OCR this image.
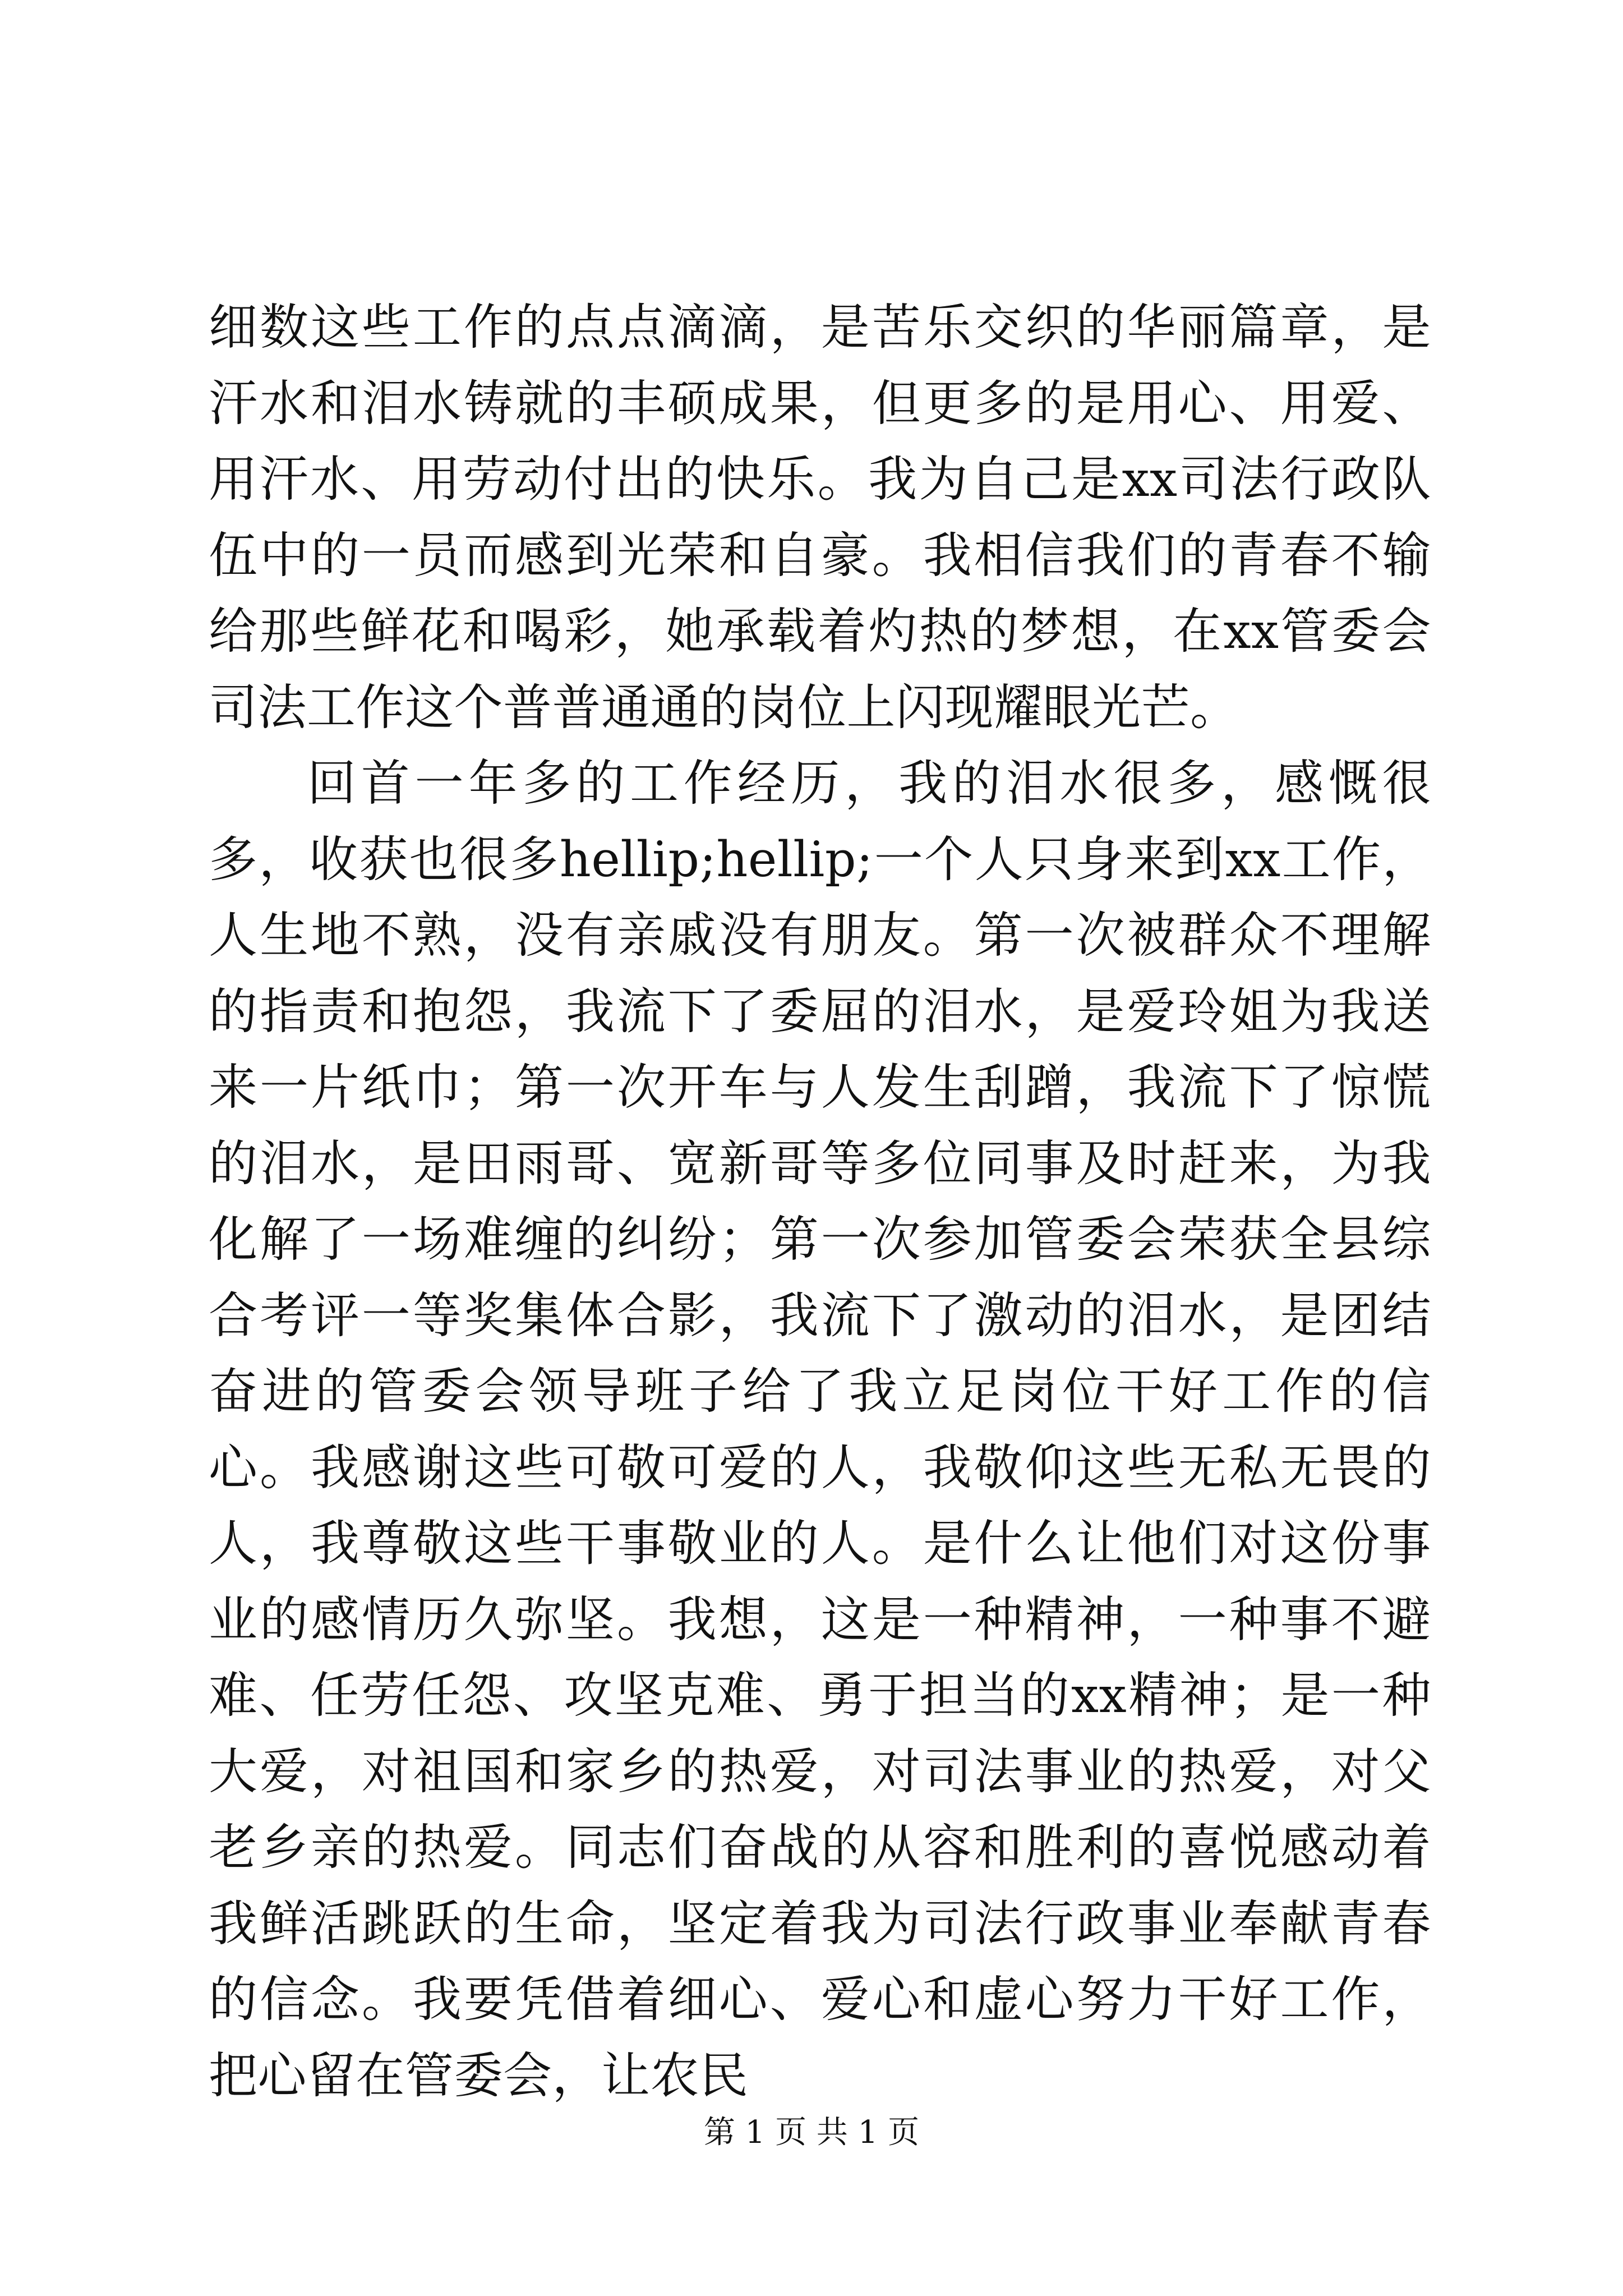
细数这些工作的点点滴滴，是苦乐交织的华丽篇章，是汗水和泪水铸就的丰硕成果，但更多的是用心、用爱、用汗水、用劳动付出的快乐。我为自己是xx司法行政队伍中的一员而感到光荣和自豪。我相信我们的青春不输给那些鲜花和喝彩，她承载着灼热的梦想，在xx管委会司法工作这个普普通通的岗位上闪现耀眼光芒。

回首一年多的工作经历，我的泪水很多，感慨很多，收获也很多hellip;hellip;一个人只身来到xx工作，人生地不熟，没有亲戚没有朋友。第一次被群众不理解的指责和抱怨，我流下了委屈的泪水，是爱玲姐为我送来一片纸巾；第一次开车与人发生刮蹭，我流下了惊慌的泪水，是田雨哥、宽新哥等多位同事及时赶来，为我化解了一场难缠的纠纷；第一次参加管委会荣获全县综合考评一等奖集体合影，我流下了激动的泪水，是团结奋进的管委会领导班子给了我立足岗位干好工作的信心。我感谢这些可敬可爱的人，我敬仰这些无私无畏的人，我尊敬这些干事敬业的人。是什么让他们对这份事业的感情历久弥坚。我想，这是一种精神，一种事不避难、任劳任怨、攻坚克难、勇于担当的xx精神；是一种大爱，对祖国和家乡的热爱，对司法事业的热爱，对父老乡亲的热爱。同志们奋战的从容和胜利的喜悦感动着我鲜活跳跃的生命，坚定着我为司法行政事业奉献青春的信念。我要凭借着细心、爱心和虚心努力干好工作，把心留在管委会，让农民

第 1 页 共 1 页
